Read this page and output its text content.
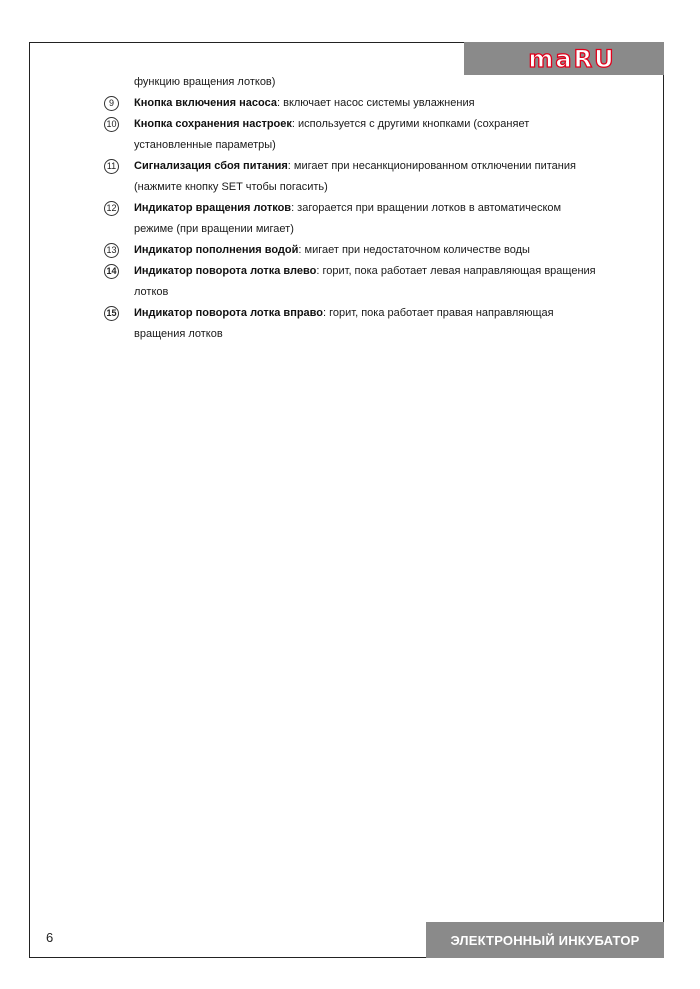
maRU

функцию вращения лотков)

9	Кнопка включения насоса: включает насос системы увлажнения
10 Кнопка сохранения настроек: используется с другими кнопками (сохраняет
установленные параметры)
11 Сигнализация сбоя питания: мигает при несанкционированном отключении питания
(нажмите кнопку SET чтобы погасить)
12 Индикатор вращения лотков: загорается при вращении лотков в автоматическом
режиме (при вращении мигает)
13 Индикатор пополнения водой: мигает при недостаточном количестве воды
14 Индикатор поворота лотка влево: горит, пока работает левая направляющая вращения
лотков
15 Индикатор поворота лотка вправо: горит, пока работает правая направляющая
вращения лотков
6	ЭЛЕКТРОННЫЙ ИНКУБАТОР
